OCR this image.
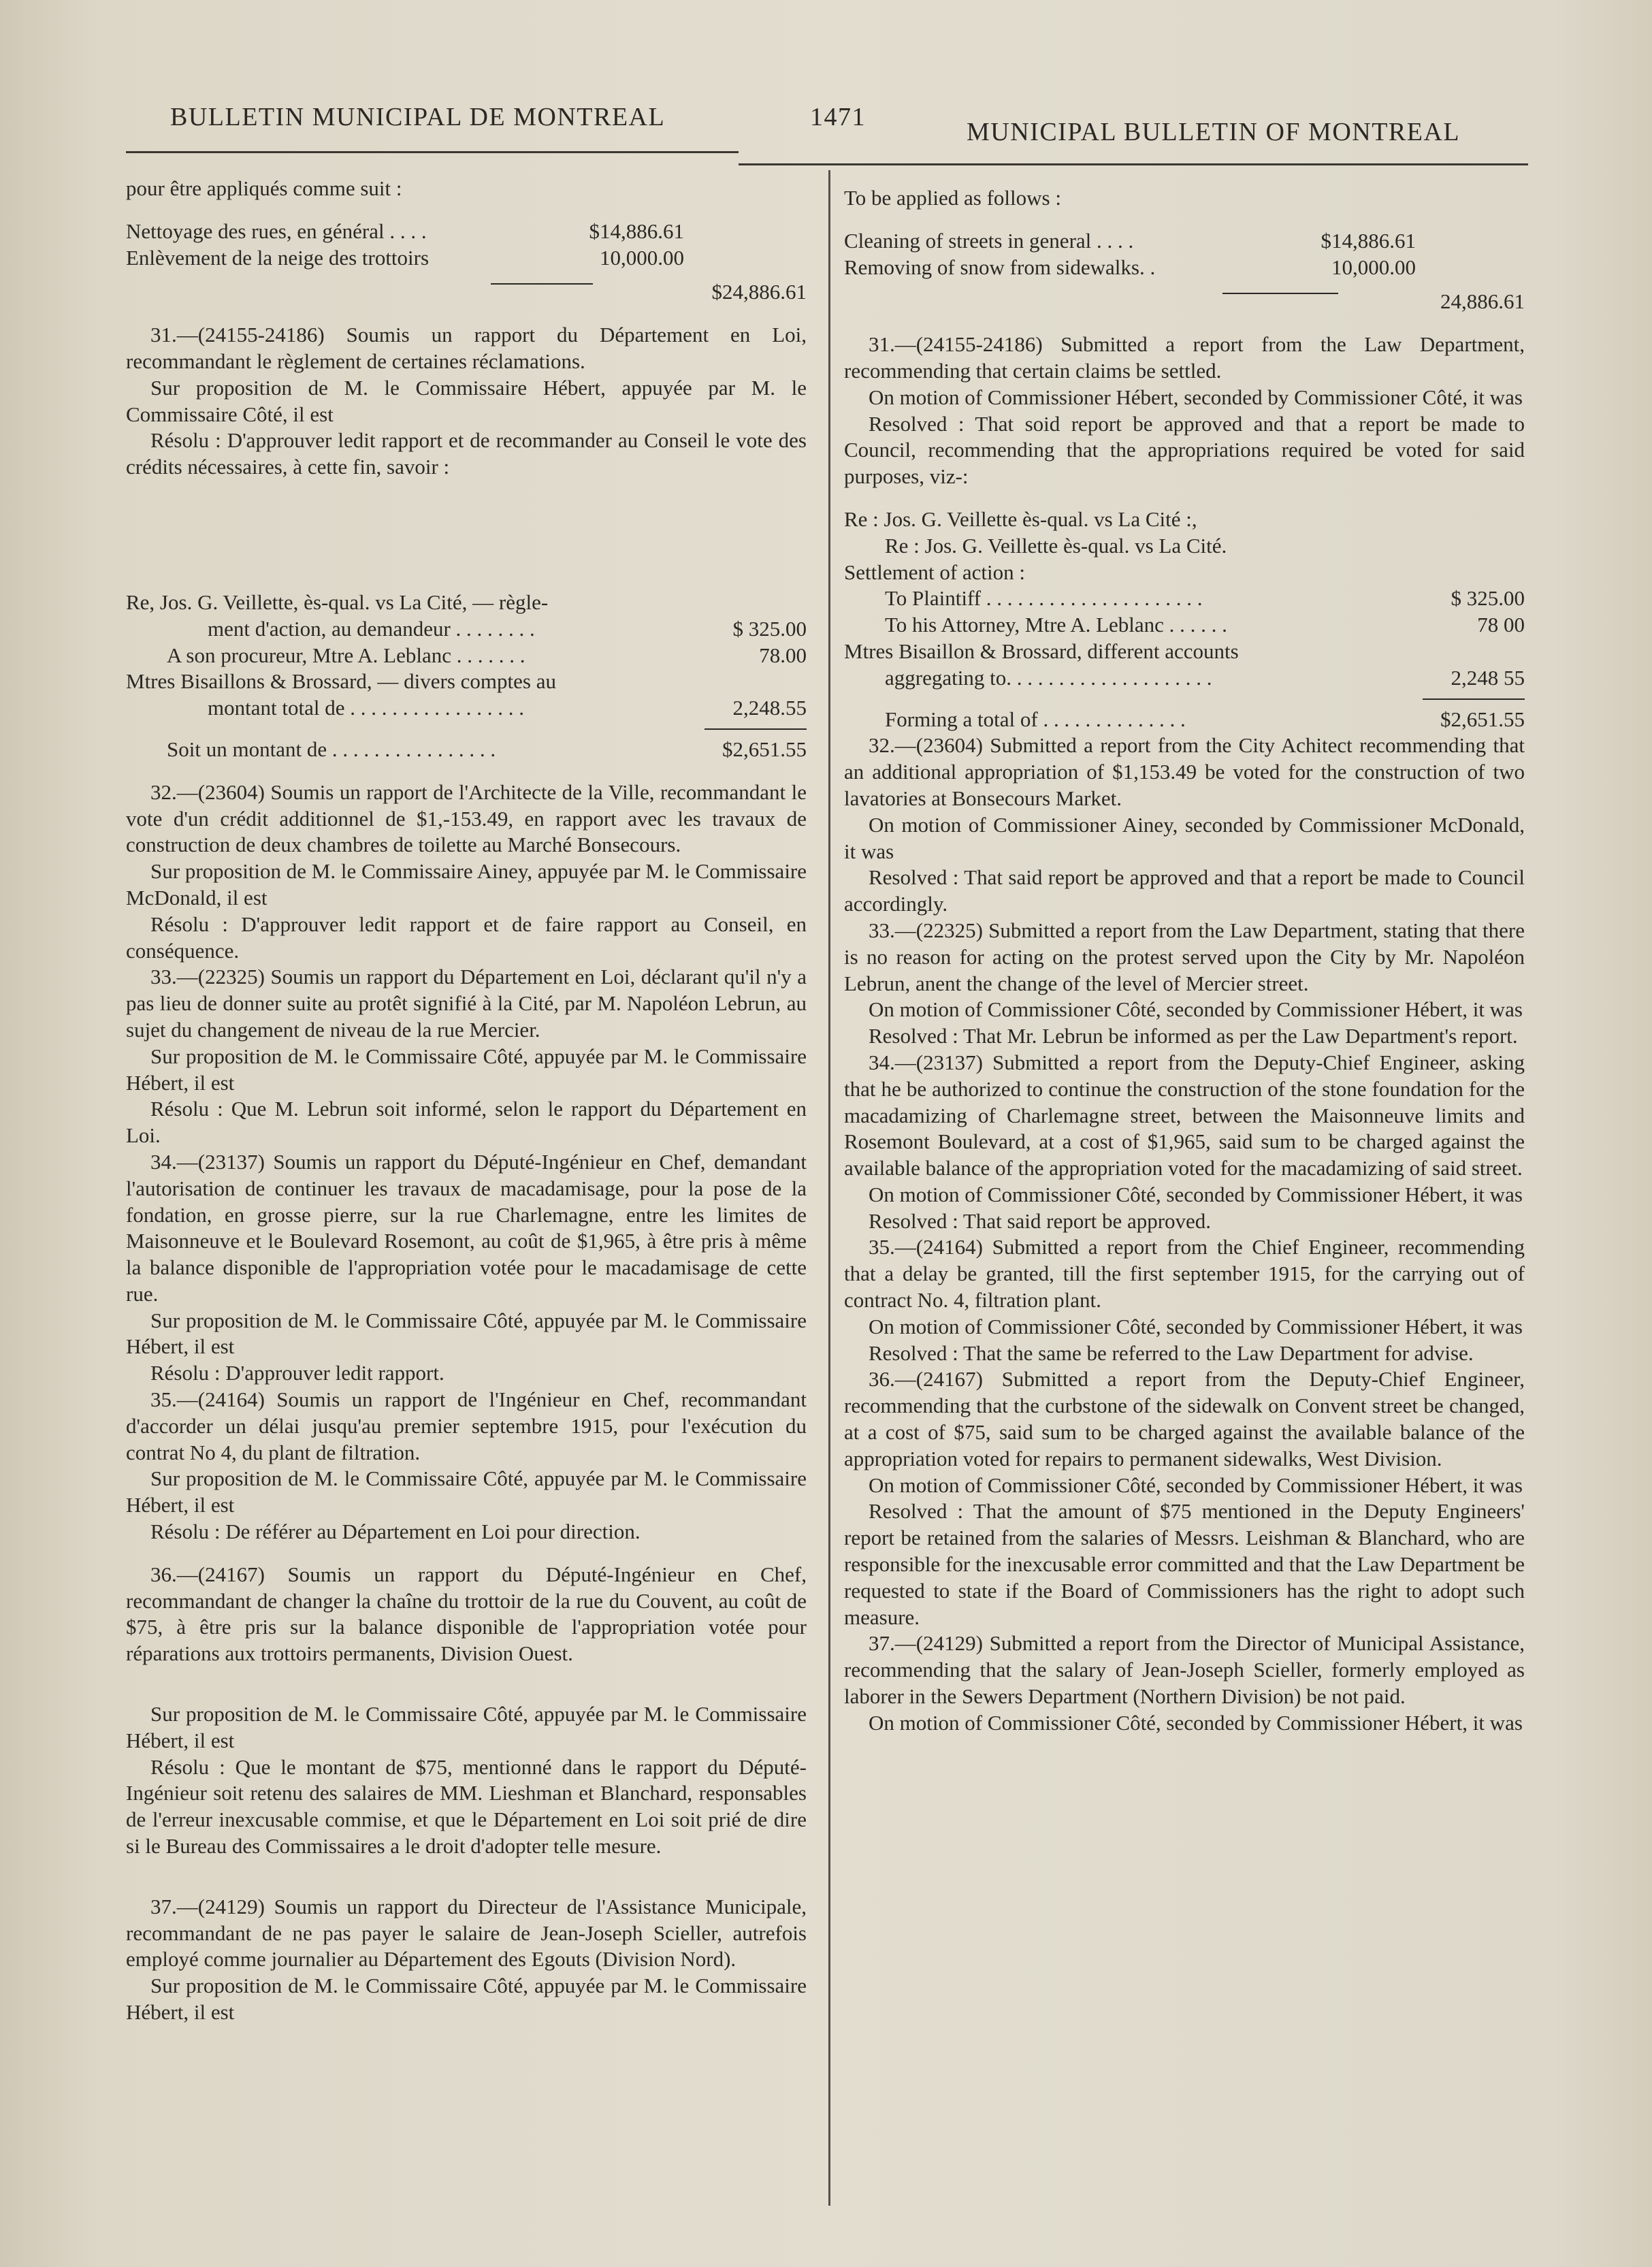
BULLETIN MUNICIPAL DE MONTREAL	1471
MUNICIPAL BULLETIN OF MONTREAL

pour être appliqués comme suit :

Nettoyage des rues, en général . . . .	$14,886.61
Enlèvement de la neige des trottoirs	10,000.00
$24,886.61

31.—(24155-24186) Soumis un rapport du Département en Loi, recommandant le règlement de certaines réclamations.

Sur proposition de M. le Commissaire Hébert, appuyée par M. le Commissaire Côté, il est

Résolu : D'approuver ledit rapport et de recommander au Conseil le vote des crédits nécessaires, à cette fin, savoir :

Re, Jos. G. Veillette, ès-qual. vs La Cité, — règle-
ment d'action, au demandeur . . . . . . . .	$ 325.00
A son procureur, Mtre A. Leblanc . . . . . . .	78.00
Mtres Bisaillons & Brossard, — divers comptes au
montant total de . . . . . . . . . . . . . . . . .	2,248.55
Soit un montant de . . . . . . . . . . . . . . . .	$2,651.55

32.—(23604) Soumis un rapport de l'Architecte de la Ville, recommandant le vote d'un crédit additionnel de $1,-153.49, en rapport avec les travaux de construction de deux chambres de toilette au Marché Bonsecours.

Sur proposition de M. le Commissaire Ainey, appuyée par M. le Commissaire McDonald, il est

Résolu : D'approuver ledit rapport et de faire rapport au Conseil, en conséquence.

33.—(22325) Soumis un rapport du Département en Loi, déclarant qu'il n'y a pas lieu de donner suite au protêt signifié à la Cité, par M. Napoléon Lebrun, au sujet du changement de niveau de la rue Mercier.

Sur proposition de M. le Commissaire Côté, appuyée par M. le Commissaire Hébert, il est

Résolu : Que M. Lebrun soit informé, selon le rapport du Département en Loi.

34.—(23137) Soumis un rapport du Député-Ingénieur en Chef, demandant l'autorisation de continuer les travaux de macadamisage, pour la pose de la fondation, en grosse pierre, sur la rue Charlemagne, entre les limites de Maisonneuve et le Boulevard Rosemont, au coût de $1,965, à être pris à même la balance disponible de l'appropriation votée pour le macadamisage de cette rue.

Sur proposition de M. le Commissaire Côté, appuyée par M. le Commissaire Hébert, il est

Résolu : D'approuver ledit rapport.

35.—(24164) Soumis un rapport de l'Ingénieur en Chef, recommandant d'accorder un délai jusqu'au premier septembre 1915, pour l'exécution du contrat No 4, du plant de filtration.

Sur proposition de M. le Commissaire Côté, appuyée par M. le Commissaire Hébert, il est

Résolu : De référer au Département en Loi pour direction.

36.—(24167) Soumis un rapport du Député-Ingénieur en Chef, recommandant de changer la chaîne du trottoir de la rue du Couvent, au coût de $75, à être pris sur la balance disponible de l'appropriation votée pour réparations aux trottoirs permanents, Division Ouest.

Sur proposition de M. le Commissaire Côté, appuyée par M. le Commissaire Hébert, il est

Résolu : Que le montant de $75, mentionné dans le rapport du Député-Ingénieur soit retenu des salaires de MM. Lieshman et Blanchard, responsables de l'erreur inexcusable commise, et que le Département en Loi soit prié de dire si le Bureau des Commissaires a le droit d'adopter telle mesure.

37.—(24129) Soumis un rapport du Directeur de l'Assistance Municipale, recommandant de ne pas payer le salaire de Jean-Joseph Scieller, autrefois employé comme journalier au Département des Egouts (Division Nord).

Sur proposition de M. le Commissaire Côté, appuyée par M. le Commissaire Hébert, il est

To be applied as follows :

Cleaning of streets in general . . . .	$14,886.61
Removing of snow from sidewalks. .	10,000.00
24,886.61

31.—(24155-24186) Submitted a report from the Law Department, recommending that certain claims be settled.

On motion of Commissioner Hébert, seconded by Commissioner Côté, it was

Resolved : That soid report be approved and that a report be made to Council, recommending that the appropriations required be voted for said purposes, viz-:

Re : Jos. G. Veillette ès-qual. vs La Cité :,
Re : Jos. G. Veillette ès-qual. vs La Cité.
Settlement of action :
To Plaintiff . . . . . . . . . . . . . . . . . . . . .	$ 325.00
To his Attorney, Mtre A. Leblanc . . . . . .	78 00
Mtres Bisaillon & Brossard, different accounts
aggregating to. . . . . . . . . . . . . . . . . . . .	2,248 55
Forming a total of . . . . . . . . . . . . . .	$2,651.55

32.—(23604) Submitted a report from the City Achitect recommending that an additional appropriation of $1,153.49 be voted for the construction of two lavatories at Bonsecours Market.

On motion of Commissioner Ainey, seconded by Commissioner McDonald, it was

Resolved : That said report be approved and that a report be made to Council accordingly.

33.—(22325) Submitted a report from the Law Department, stating that there is no reason for acting on the protest served upon the City by Mr. Napoléon Lebrun, anent the change of the level of Mercier street.

On motion of Commissioner Côté, seconded by Commissioner Hébert, it was

Resolved : That Mr. Lebrun be informed as per the Law Department's report.

34.—(23137) Submitted a report from the Deputy-Chief Engineer, asking that he be authorized to continue the construction of the stone foundation for the macadamizing of Charlemagne street, between the Maisonneuve limits and Rosemont Boulevard, at a cost of $1,965, said sum to be charged against the available balance of the appropriation voted for the macadamizing of said street.

On motion of Commissioner Côté, seconded by Commissioner Hébert, it was

Resolved : That said report be approved.

35.—(24164) Submitted a report from the Chief Engineer, recommending that a delay be granted, till the first september 1915, for the carrying out of contract No. 4, filtration plant.

On motion of Commissioner Côté, seconded by Commissioner Hébert, it was

Resolved : That the same be referred to the Law Department for advise.

36.—(24167) Submitted a report from the Deputy-Chief Engineer, recommending that the curbstone of the sidewalk on Convent street be changed, at a cost of $75, said sum to be charged against the available balance of the appropriation voted for repairs to permanent sidewalks, West Division.

On motion of Commissioner Côté, seconded by Commissioner Hébert, it was

Resolved : That the amount of $75 mentioned in the Deputy Engineers' report be retained from the salaries of Messrs. Leishman & Blanchard, who are responsible for the inexcusable error committed and that the Law Department be requested to state if the Board of Commissioners has the right to adopt such measure.

37.—(24129) Submitted a report from the Director of Municipal Assistance, recommending that the salary of Jean-Joseph Scieller, formerly employed as laborer in the Sewers Department (Northern Division) be not paid.

On motion of Commissioner Côté, seconded by Commissioner Hébert, it was
